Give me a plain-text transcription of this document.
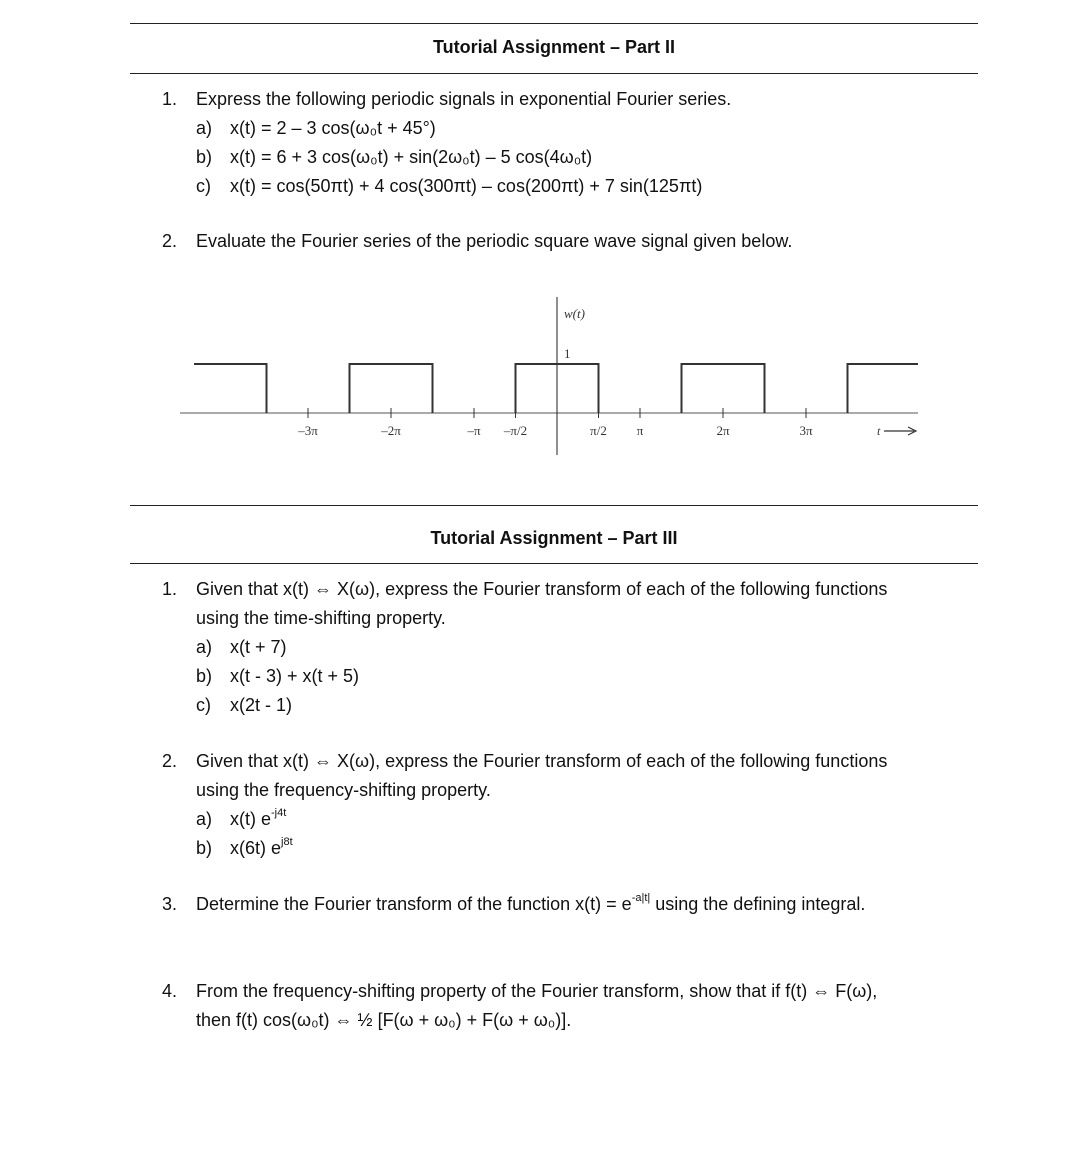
Tutorial Assignment – Part II
1.	Express the following periodic signals in exponential Fourier series.
a) x(t) = 2 – 3 cos(ω₀t + 45°)
b) x(t) = 6 + 3 cos(ω₀t) + sin(2ω₀t) – 5 cos(4ω₀t)
c) x(t) = cos(50πt) + 4 cos(300πt) – cos(200πt) + 7 sin(125πt)
2.	Evaluate the Fourier series of the periodic square wave signal given below.
–3π	–2π	–π –π/2	π/2 π	2π	3π
w(t)
1
t
Tutorial Assignment – Part III
1.	Given that x(t) ⇔ X(ω), express the Fourier transform of each of the following functions using the time-shifting property.
a) x(t + 7)
b) x(t - 3) + x(t + 5)
c) x(2t - 1)
2.	Given that x(t) ⇔ X(ω), express the Fourier transform of each of the following functions using the frequency-shifting property.
a) x(t) $e^{-j4t}$
b) x(6t) $e^{j8t}$
3.	Determine the Fourier transform of the function $x(t) = e^{-a|t|}$ using the defining integral.
4.	From the frequency-shifting property of the Fourier transform, show that if f(t) ⇔ F(ω), then f(t) cos(ω₀t) ⇔ ½ [F(ω + ω₀) + F(ω + ω₀)].
